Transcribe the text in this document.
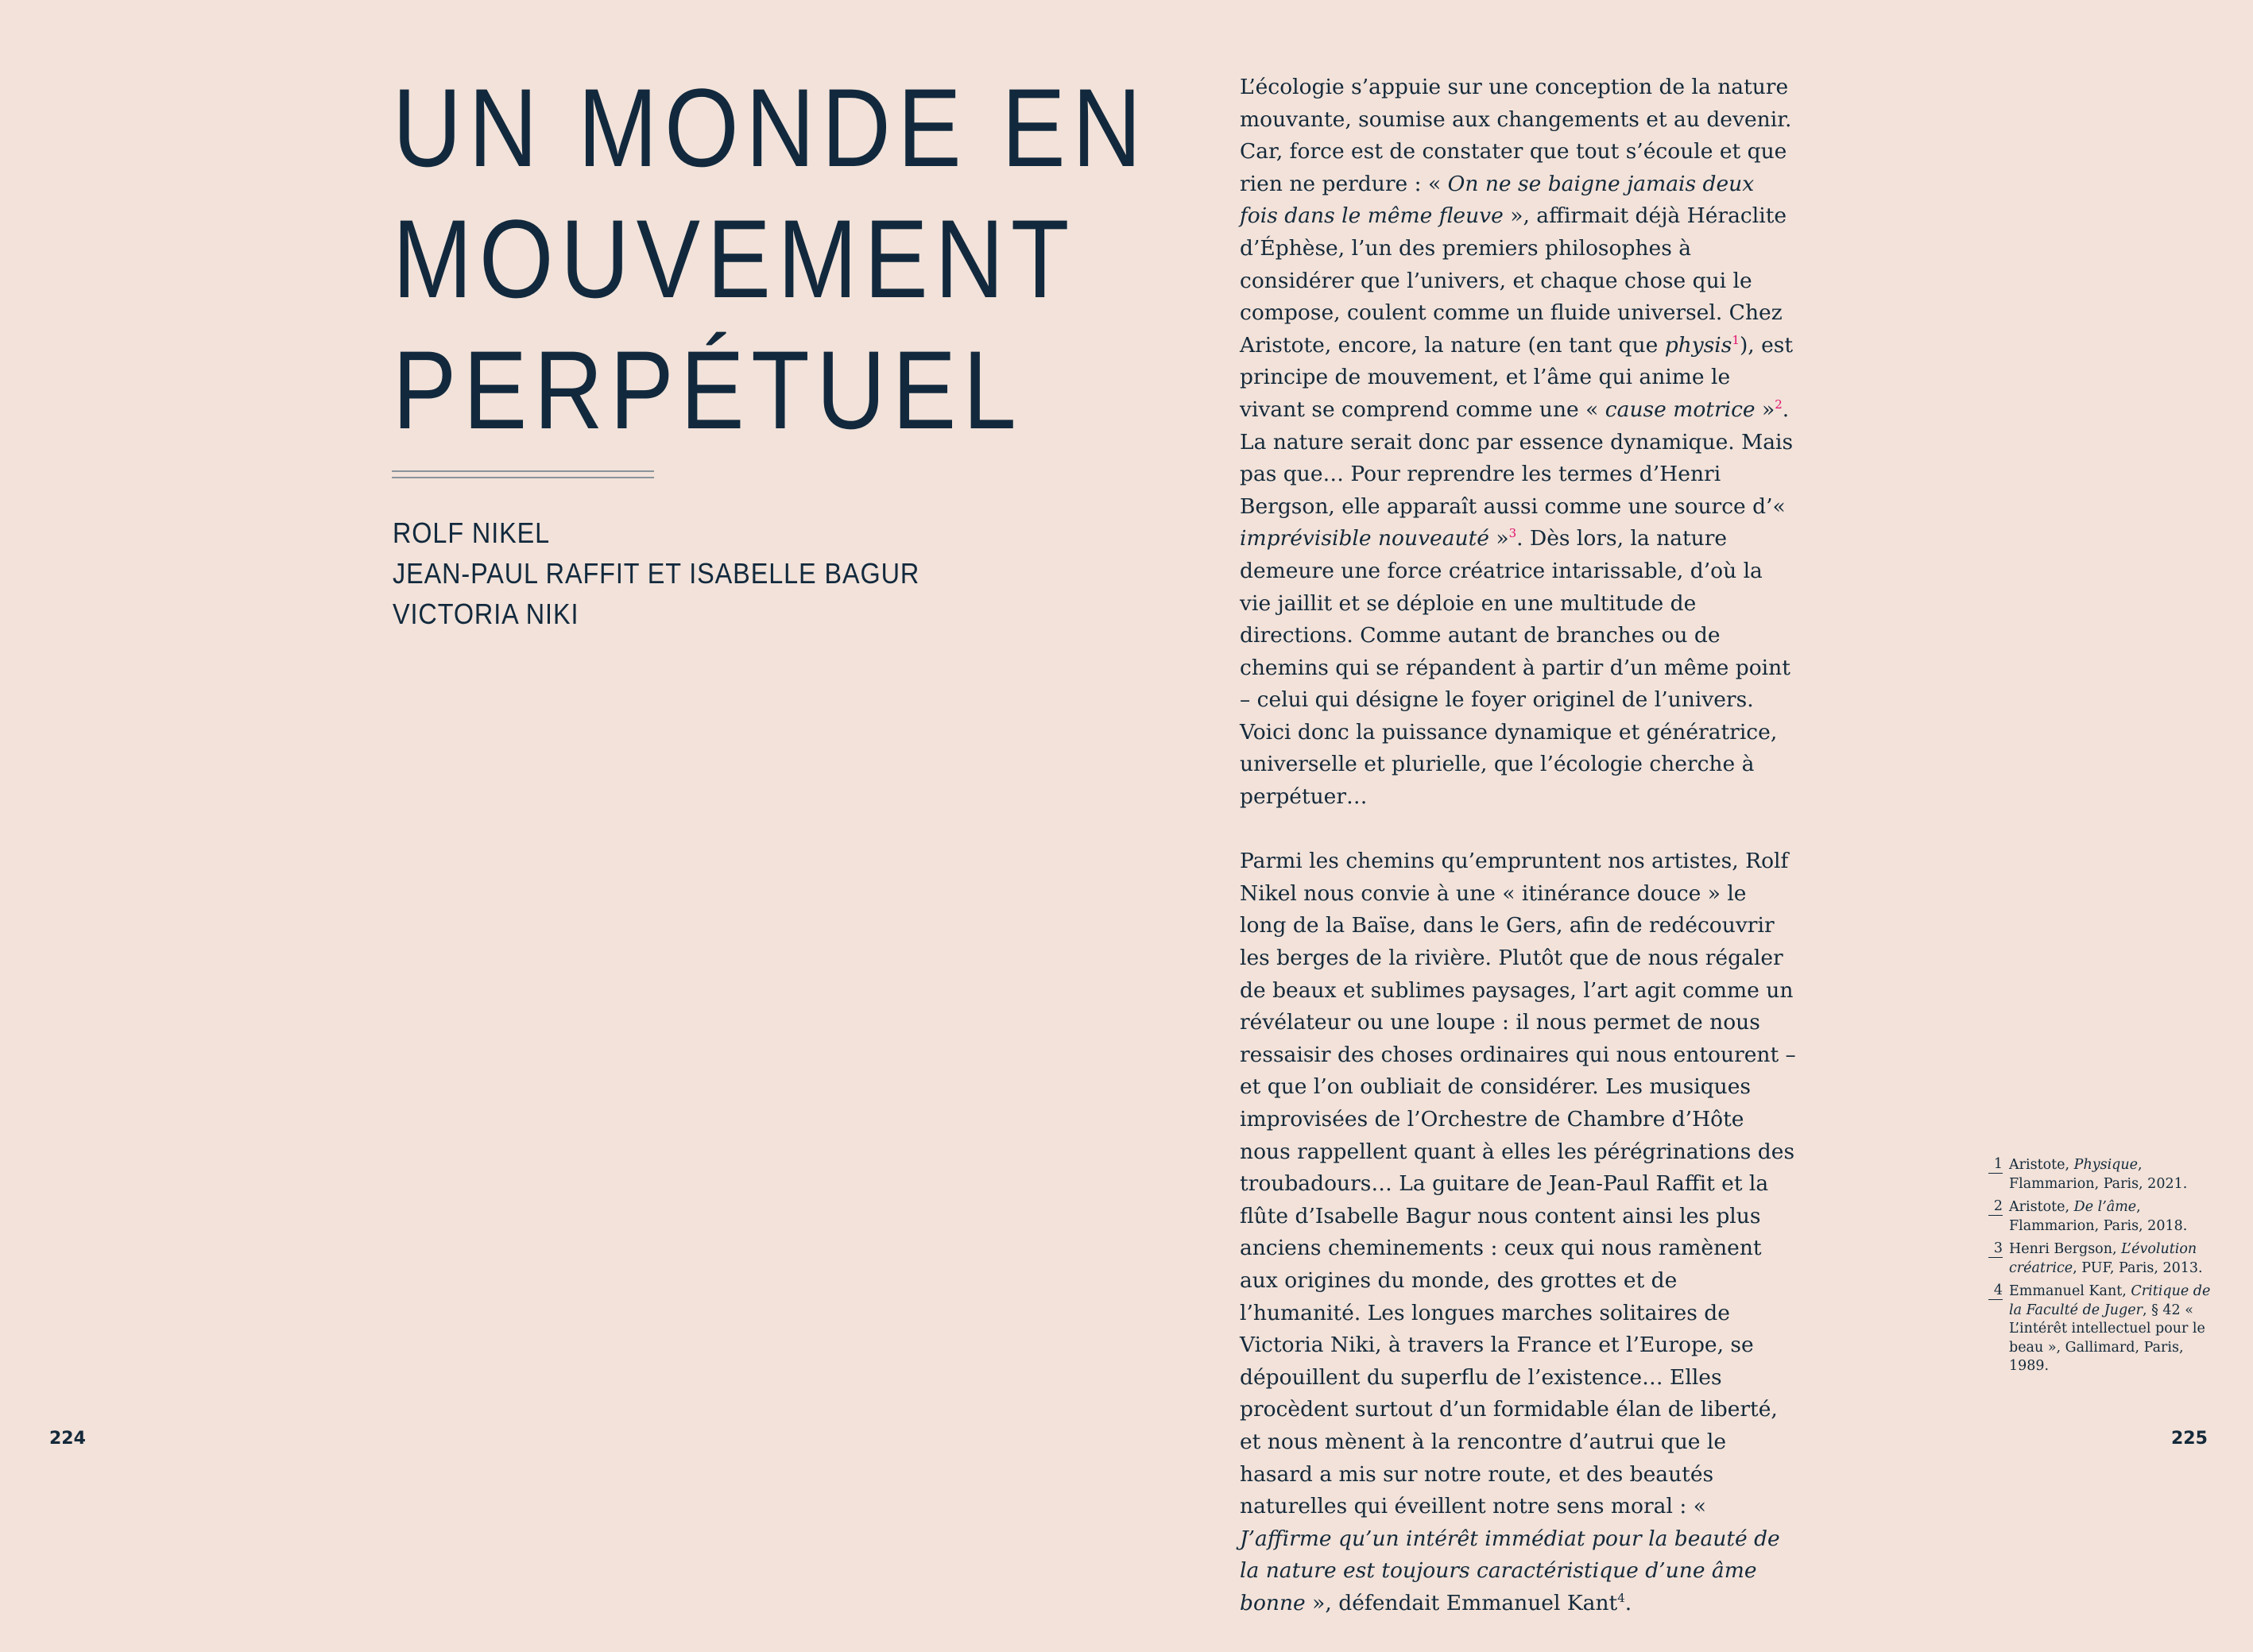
UN MONDE EN
MOUVEMENT
PERPÉTUEL
ROLF NIKEL
JEAN-PAUL RAFFIT ET ISABELLE BAGUR
VICTORIA NIKI

L’écologie s’appuie sur une conception de la nature mouvante, soumise aux changements et au devenir. Car, force est de constater que tout s’écoule et que rien ne perdure : « On ne se baigne jamais deux fois dans le même fleuve », affirmait déjà Héraclite d’Éphèse, l’un des premiers philosophes à considérer que l’univers, et chaque chose qui le compose, coulent comme un fluide universel. Chez Aristote, encore, la nature (en tant que physis$^1$), est principe de mouvement, et l’âme qui anime le vivant se comprend comme une « cause motrice »$^2$. La nature serait donc par essence dynamique. Mais pas que… Pour reprendre les termes d’Henri Bergson, elle apparaît aussi comme une source d’« imprévisible nouveauté »$^3$. Dès lors, la nature demeure une force créatrice intarissable, d’où la vie jaillit et se déploie en une multitude de directions. Comme autant de branches ou de chemins qui se répandent à partir d’un même point – celui qui désigne le foyer originel de l’univers. Voici donc la puissance dynamique et génératrice, universelle et plurielle, que l’écologie cherche à perpétuer…

Parmi les chemins qu’empruntent nos artistes, Rolf Nikel nous convie à une « itinérance douce » le long de la Baïse, dans le Gers, afin de redécouvrir les berges de la rivière. Plutôt que de nous régaler de beaux et sublimes paysages, l’art agit comme un révélateur ou une loupe : il nous permet de nous ressaisir des choses ordinaires qui nous entourent – et que l’on oubliait de considérer. Les musiques improvisées de l’Orchestre de Chambre d’Hôte nous rappellent quant à elles les pérégrinations des troubadours… La guitare de Jean-Paul Raffit et la flûte d’Isabelle Bagur nous content ainsi les plus anciens cheminements : ceux qui nous ramènent aux origines du monde, des grottes et de l’humanité. Les longues marches solitaires de Victoria Niki, à travers la France et l’Europe, se dépouillent du superflu de l’existence… Elles procèdent surtout d’un formidable élan de liberté, et nous mènent à la rencontre d’autrui que le hasard a mis sur notre route, et des beautés naturelles qui éveillent notre sens moral : « J’affirme qu’un intérêt immédiat pour la beauté de la nature est toujours caractéristique d’une âme bonne », défendait Emmanuel Kant$^4$.

1 Aristote, Physique, Flammarion, Paris, 2021.
2 Aristote, De l’âme, Flammarion, Paris, 2018.
3 Henri Bergson, L’évolution créatrice, PUF, Paris, 2013.
4 Emmanuel Kant, Critique de la Faculté de Juger, § 42 « L’intérêt intellectuel pour le beau », Gallimard, Paris, 1989.
224	225
